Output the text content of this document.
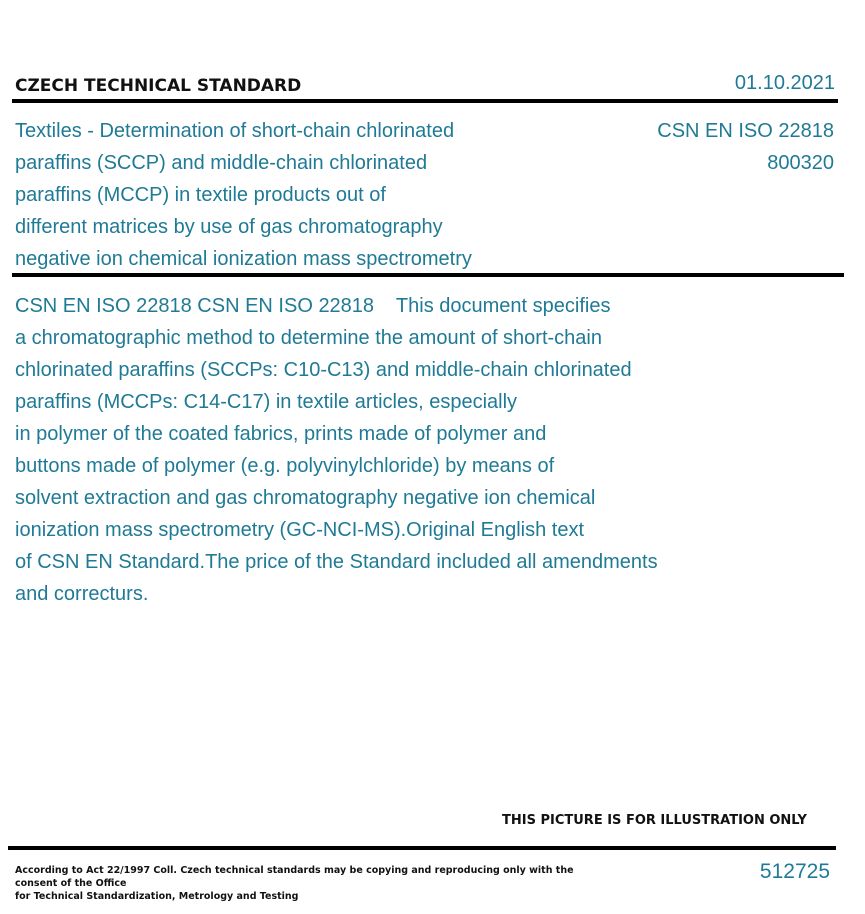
CZECH TECHNICAL STANDARD	01.10.2021
Textiles - Determination of short-chain chlorinated
paraffins (SCCP) and middle-chain chlorinated
paraffins (MCCP) in textile products out of
different matrices by use of gas chromatography
negative ion chemical ionization mass spectrometry
CSN EN ISO 22818
800320
CSN EN ISO 22818 CSN EN ISO 22818    This document specifies
a chromatographic method to determine the amount of short-chain
chlorinated paraffins (SCCPs: C10-C13) and middle-chain chlorinated
paraffins (MCCPs: C14-C17) in textile articles, especially
in polymer of the coated fabrics, prints made of polymer and
buttons made of polymer (e.g. polyvinylchloride) by means of
solvent extraction and gas chromatography negative ion chemical
ionization mass spectrometry (GC-NCI-MS).Original English text
of CSN EN Standard.The price of the Standard included all amendments
and correcturs.
THIS PICTURE IS FOR ILLUSTRATION ONLY
According to Act 22/1997 Coll. Czech technical standards may be copying and reproducing only with the consent of the Office
for Technical Standardization, Metrology and Testing
512725
